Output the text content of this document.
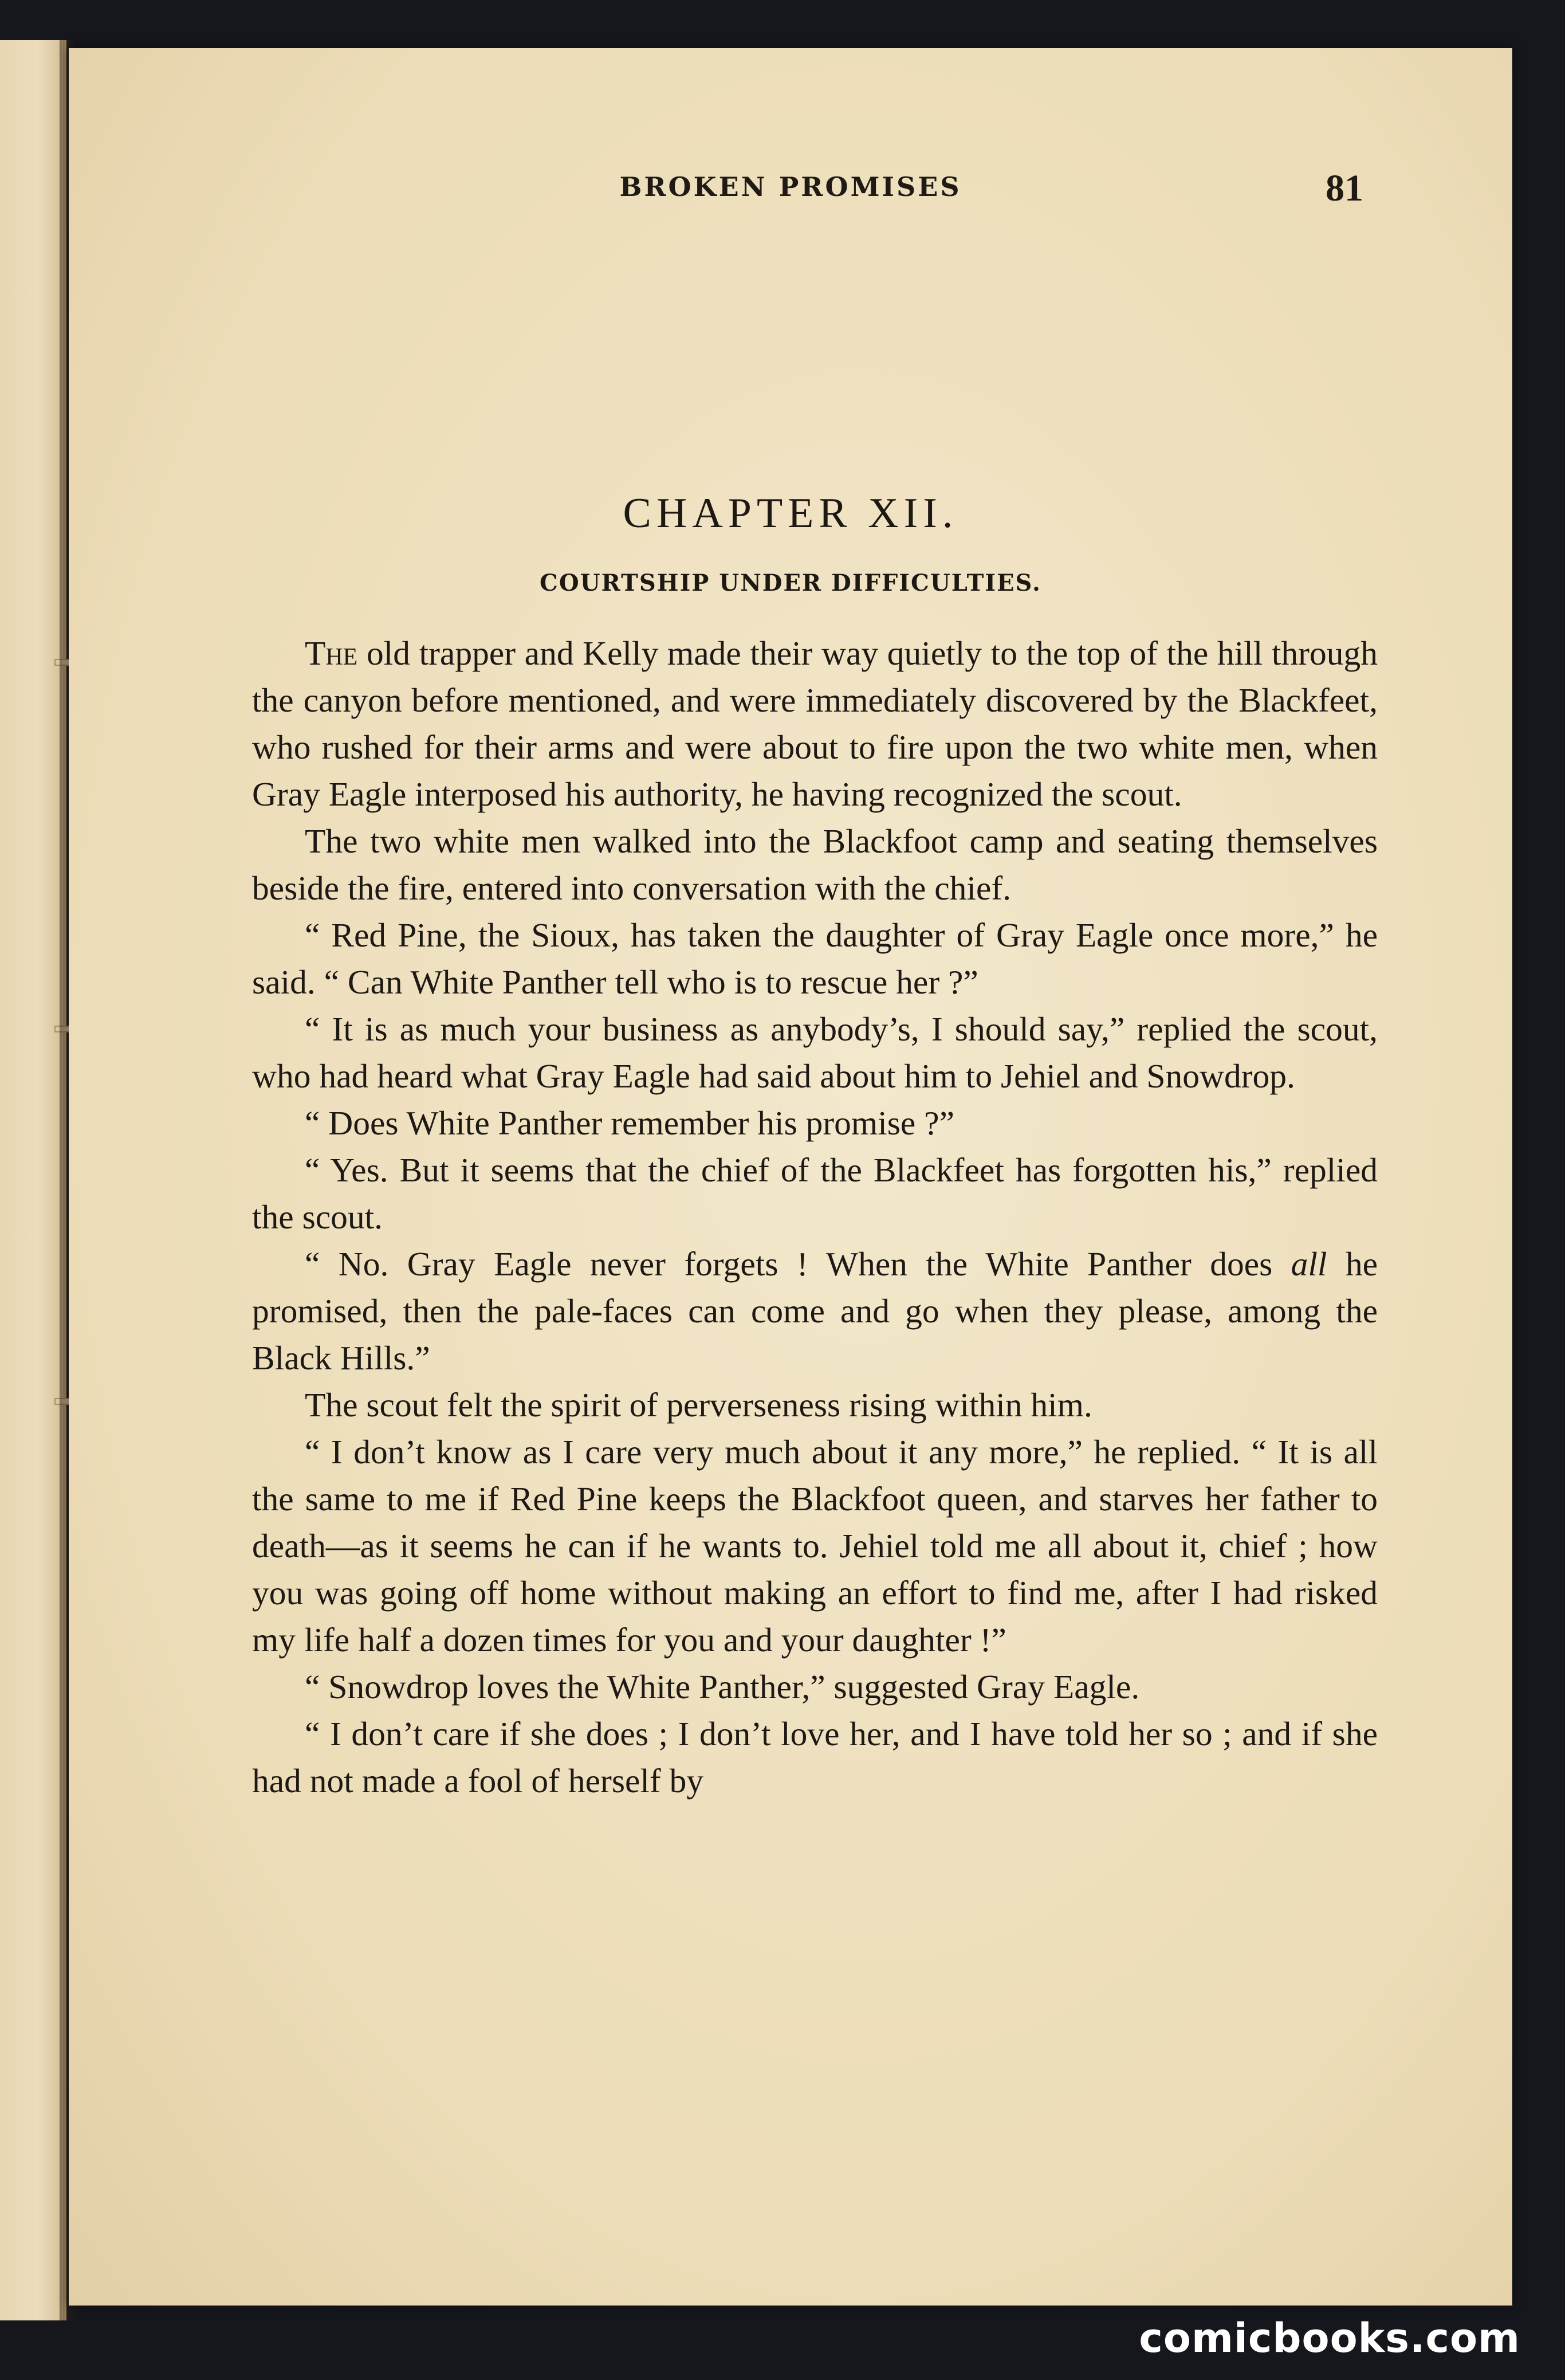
BROKEN PROMISES	81
CHAPTER XII.
COURTSHIP UNDER DIFFICULTIES.

The old trapper and Kelly made their way quietly to the top of the hill through the canyon before mentioned, and were immediately discovered by the Blackfeet, who rushed for their arms and were about to fire upon the two white men, when Gray Eagle interposed his authority, he having recognized the scout.

The two white men walked into the Blackfoot camp and seating themselves beside the fire, entered into conversation with the chief.

“ Red Pine, the Sioux, has taken the daughter of Gray Eagle once more,” he said. “ Can White Panther tell who is to rescue her ?”

“ It is as much your business as anybody’s, I should say,” replied the scout, who had heard what Gray Eagle had said about him to Jehiel and Snowdrop.

“ Does White Panther remember his promise ?”

“ Yes. But it seems that the chief of the Blackfeet has forgotten his,” replied the scout.

“ No. Gray Eagle never forgets ! When the White Panther does all he promised, then the pale-faces can come and go when they please, among the Black Hills.”

The scout felt the spirit of perverseness rising within him.

“ I don’t know as I care very much about it any more,” he replied. “ It is all the same to me if Red Pine keeps the Blackfoot queen, and starves her father to death—as it seems he can if he wants to. Jehiel told me all about it, chief ; how you was going off home without making an effort to find me, after I had risked my life half a dozen times for you and your daughter !”

“ Snowdrop loves the White Panther,” suggested Gray Eagle.

“ I don’t care if she does ; I don’t love her, and I have told her so ; and if she had not made a fool of herself by

comicbooks.com
